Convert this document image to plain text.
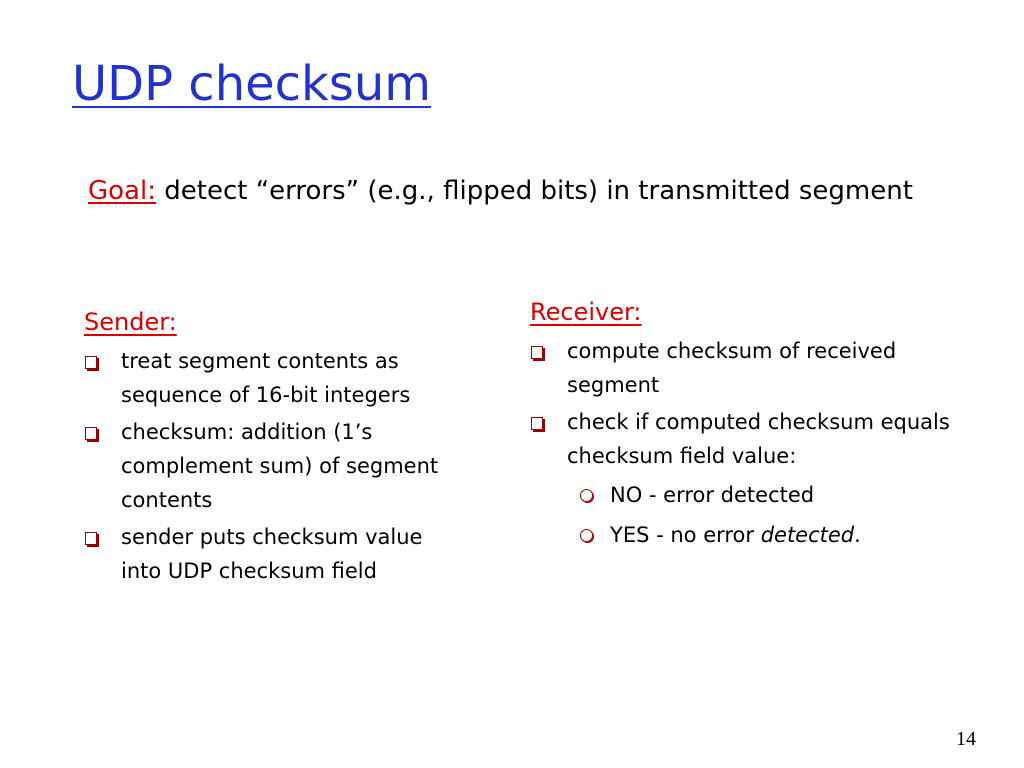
UDP checksum
Goal: detect “errors” (e.g., flipped bits) in transmitted segment
Sender:
treat segment contents as sequence of 16-bit integers
checksum: addition (1’s complement sum) of segment contents
sender puts checksum value into UDP checksum field
Receiver:
compute checksum of received segment
check if computed checksum equals checksum field value:
NO - error detected
YES - no error detected.
14
